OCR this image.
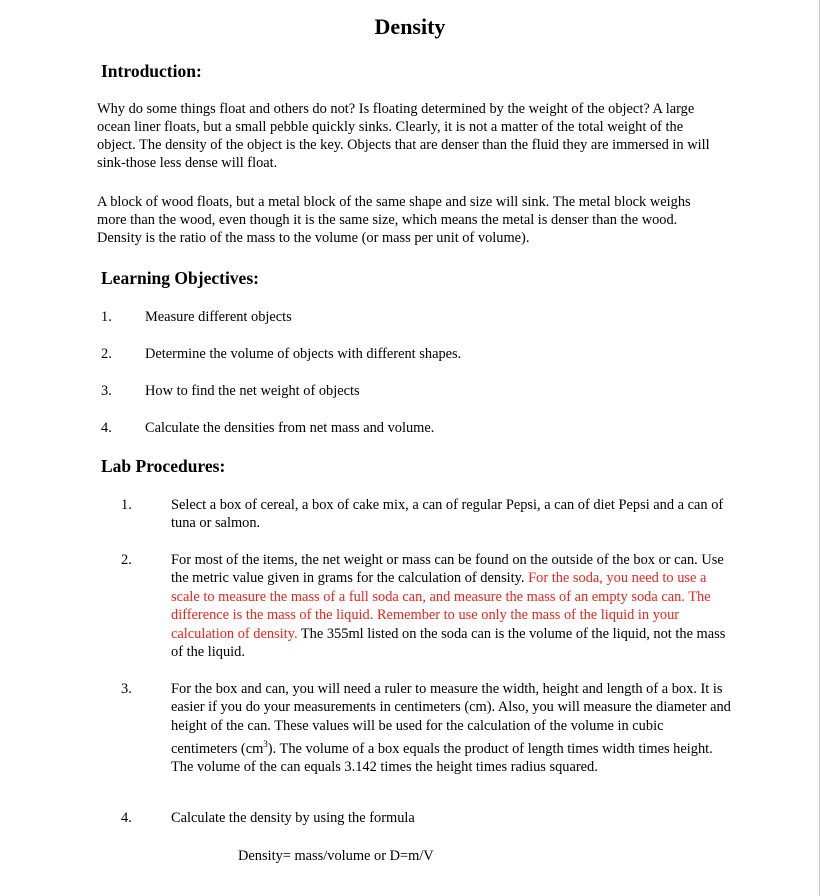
Density
Introduction:

Why do some things float and others do not? Is floating determined by the weight of the object? A large ocean liner floats, but a small pebble quickly sinks. Clearly, it is not a matter of the total weight of the object. The density of the object is the key. Objects that are denser than the fluid they are immersed in will sink-those less dense will float.

A block of wood floats, but a metal block of the same shape and size will sink. The metal block weighs more than the wood, even though it is the same size, which means the metal is denser than the wood. Density is the ratio of the mass to the volume (or mass per unit of volume).

Learning Objectives:
1.	Measure different objects
2.	Determine the volume of objects with different shapes.
3.	How to find the net weight of objects
4.	Calculate the densities from net mass and volume.
Lab Procedures:
1.	Select a box of cereal, a box of cake mix, a can of regular Pepsi, a can of diet Pepsi and a can of tuna or salmon.
2.	For most of the items, the net weight or mass can be found on the outside of the box or can. Use the metric value given in grams for the calculation of density. For the soda, you need to use a scale to measure the mass of a full soda can, and measure the mass of an empty soda can. The difference is the mass of the liquid. Remember to use only the mass of the liquid in your calculation of density. The 355ml listed on the soda can is the volume of the liquid, not the mass of the liquid.
3.	For the box and can, you will need a ruler to measure the width, height and length of a box. It is easier if you do your measurements in centimeters (cm). Also, you will measure the diameter and height of the can. These values will be used for the calculation of the volume in cubic centimeters $(cm^3)$. The volume of a box equals the product of length times width times height. The volume of the can equals 3.142 times the height times radius squared.
4.	Calculate the density by using the formula
Density= mass/volume or D=m/V
